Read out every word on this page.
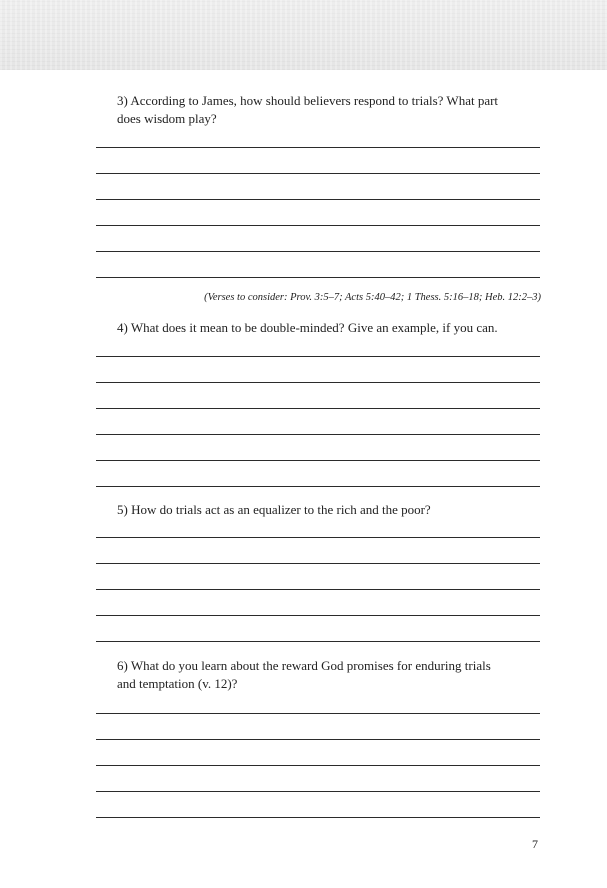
3) According to James, how should believers respond to trials? What part
does wisdom play?
(Verses to consider: Prov. 3:5–7; Acts 5:40–42; 1 Thess. 5:16–18; Heb. 12:2–3)
4) What does it mean to be double-minded? Give an example, if you can.
5) How do trials act as an equalizer to the rich and the poor?
6) What do you learn about the reward God promises for enduring trials
and temptation (v. 12)?
7
